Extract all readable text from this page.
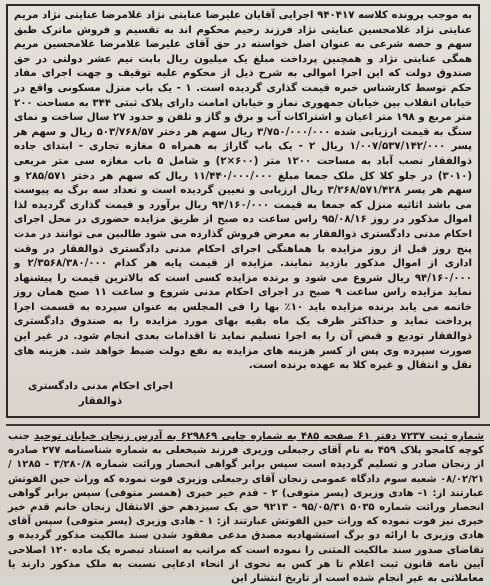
به موجب پرونده کلاسه ۹۴۰۴۱۷ اجرایی آقایان علیرضا عنایتی نژاد غلامرضا عنایتی نژاد مریم عنایتی نژاد غلامحسین عنایتی نژاد فرزند رحیم محکوم اند به تقسیم و فروش ماترک طبق سهم و حصه شرعی به عنوان اصل خواسته در حق آقای علیرضا غلامرضا غلامحسین مریم همگی عنایتی نژاد و همچنین پرداخت مبلغ یک میلیون ریال بابت نیم عشر دولتی در حق صندوق دولت که این اجرا اموالی به شرح ذیل از محکوم علیه توقیف و جهت اجرای مفاد حکم توسط کارشناس خبره قیمت گذاری گردیده است. ۱ - یک باب منزل مسکونی واقع در خیابان انقلاب بین خیابان جمهوری نماز و خیابان امامت دارای پلاک ثبتی ۳۴۴ به مساحت ۲۰۰ متر مربع و ۱۹۸ متر اعیان و اشتراکات آب و برق و گاز و تلفن و حدود ۲۷ سال ساخت و نمای سنگ به قیمت ارزیابی شده ۳/۷۵۰/۰۰۰/۰۰۰ ریال سهم هر دختر ۵۰۳/۷۶۸/۵۷ ریال و سهم هر پسر ۱/۰۰۷/۵۳۷/۱۴۲/۰۰۰ ریال ۲ - یک باب گاراژ به همراه ۵ مغازه تجاری - ابتدای جاده ذوالفقار نصب آباد به مساحت ۱۲۰۰ متر (۶۰۰×۲) و شامل ۵ باب مغازه سی متر مربعی (۳۰۱۰) در جلو کلا کل ملک جمعا مبلغ ۱۱/۴۴۰/۰۰۰/۰۰۰ ریال که سهم هر دختر ۲۸۵/۵۷۱ و سهم هر پسر ۳/۲۶۸/۵۷۱/۴۲۸ ریال ارزیابی و تعیین گردیده است و تعداد سه برگ به پیوست می باشد اثاثیه منزل که جمعا به قیمت ۹۴/۱۶۰/۰۰۰ ریال برآورد و قیمت گذاری گردیده لذا اموال مذکور در روز ۹۵/۰۸/۱۶ راس ساعت ده صبح از طریق مزایده حضوری در محل اجرای احکام مدنی دادگستری ذوالفقار به معرض فروش گذارده می شود طالبین می توانند در مدت پنج روز قبل از روز مزایده با هماهنگی اجرای احکام مدنی دادگستری ذوالفقار در وقت اداری از اموال مذکور بازدید نمایند. مزایده از قیمت پایه هر کدام ۲/۳۵۶۸/۳۸۰/۰۰۰ و ۹۴/۱۶۰/۰۰۰ ریال شروع می شود و برنده مزایده کسی است که بالاترین قیمت را پیشنهاد نماید مزایده راس ساعت ۹ صبح در اجرای احکام مدنی شروع و ساعت ۱۱ صبح همان روز خاتمه می یابد برنده مزایده باید ۱۰٪ بها را فی المجلس به عنوان سپرده به قسمت اجرا پرداخت نماید و حداکثر ظرف یک ماه بقیه بهای مورد مزایده را به صندوق دادگستری ذوالفقار تودیع و قبض آن را به اجرا تسلیم نماید تا اقدامات بعدی انجام شود. در غیر این صورت سپرده وی پس از کسر هزینه های مزایده به نفع دولت ضبط خواهد شد. هزینه های نقل و انتقال و غیره کلا به عهده برنده است.
اجرای احکام مدنی دادگستری ذوالفقار
شماره ثبت ۷۲۳۷ دفتر ۶۱ صفحه ۴۸۵ به شماره چاپی ۶۲۹۸۶۹ به آدرس زنجان خیابان توحید جنب کوچه کامجو پلاک ۴۵۹ به نام آقای رجبعلی وزیری فرزند شیخعلی به شماره شناسنامه ۲۷۷ صادره از زنجان صادر و تسلیم گردیده است سپس برابر گواهی انحصار وراثت شماره ۳/۲۸۰/۸ - ۱۲۸۵ /۰۸/۰۲/۲۱ شعبه سوم دادگاه عمومی زنجان آقای رجبعلی وزیری فوت نموده که وراث حین الفوتش عبارتند از: ۱- هادی وزیری (پسر متوفی) ۲ - قدم خیر خیری (همسر متوفی) سپس برابر گواهی انحصار وراثت شماره ۵۰۳۵ ۹۵/۰۵/۳۱ - ۹۲۱۳ حق یک سیزدهم حق الانتقال زنجان خانم قدم خیر خیری نیز فوت نموده که وراث حین الفوتش عبارتند از: ۱ - هادی وزیری (پسر متوفی) سپس آقای هادی وزیری با ارائه دو برگ استشهادیه مصدق مدعی مفقود شدن سند مالکیت مذکور گردیده و تقاضای صدور سند مالکیت المثنی را نموده است که مراتب به استناد تبصره یک ماده ۱۲۰ اصلاحی آیین نامه قانون ثبت اعلام تا هر کس به نحوی از انحاء ادعایی نسبت به ملک مذکور دارند یا معاملاتی به غیر انجام شده است از تاریخ انتشار این
